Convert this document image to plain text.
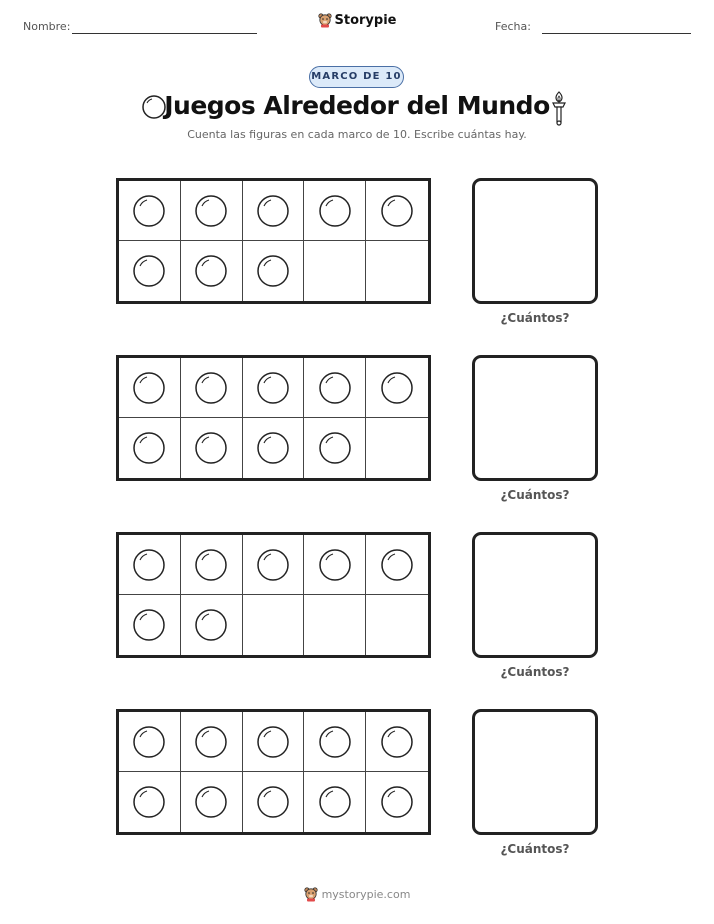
Nombre:	Storypie	Fecha:
MARCO DE 10
Juegos Alrededor del Mundo
Cuenta las figuras en cada marco de 10. Escribe cuántas hay.
¿Cuántos?
¿Cuántos?
¿Cuántos?
¿Cuántos?
mystorypie.com
